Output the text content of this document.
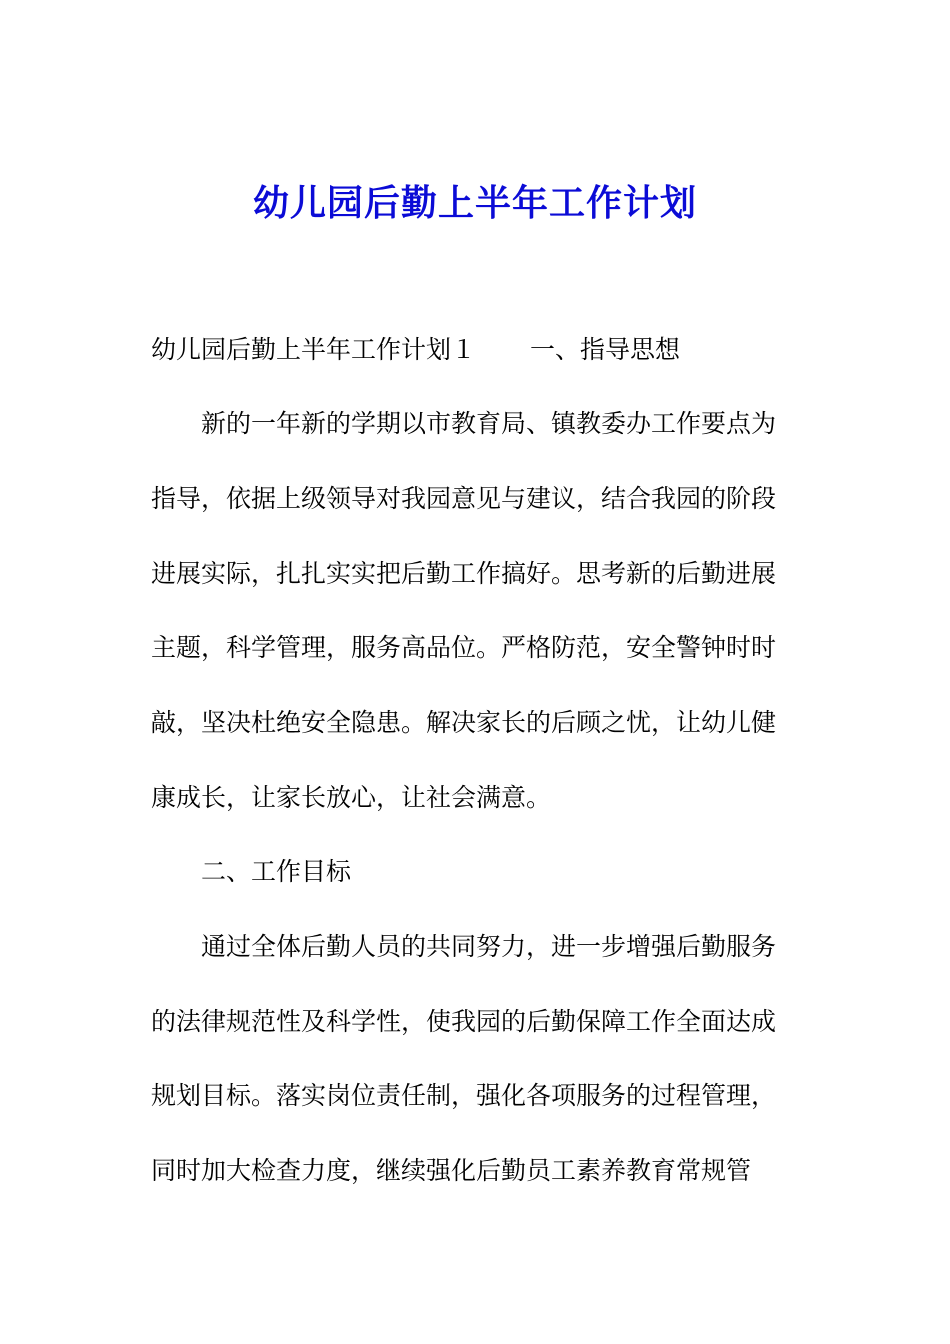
幼儿园后勤上半年工作计划
幼儿园后勤上半年工作计划１ 一、指导思想
新的一年新的学期以市教育局、镇教委办工作要点为
指导，依据上级领导对我园意见与建议，结合我园的阶段
进展实际，扎扎实实把后勤工作搞好。思考新的后勤进展
主题，科学管理，服务高品位。严格防范，安全警钟时时
敲，坚决杜绝安全隐患。解决家长的后顾之忧，让幼儿健
康成长，让家长放心，让社会满意。
二、工作目标
通过全体后勤人员的共同努力，进一步增强后勤服务
的法律规范性及科学性，使我园的后勤保障工作全面达成
规划目标。落实岗位责任制，强化各项服务的过程管理，
同时加大检查力度，继续强化后勤员工素养教育常规管
